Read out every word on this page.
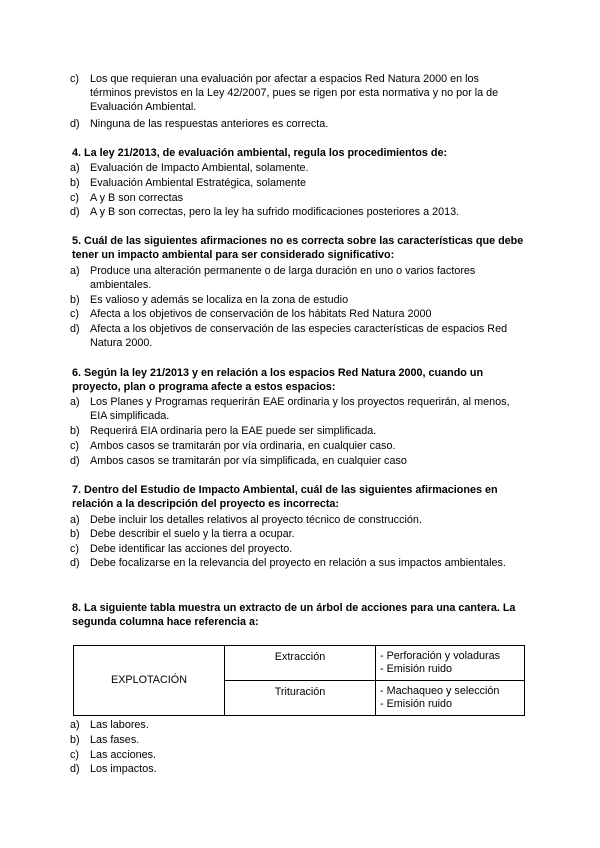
c) Los que requieran una evaluación por afectar a espacios Red Natura 2000 en los términos previstos en la Ley 42/2007, pues se rigen por esta normativa y no por la de Evaluación Ambiental.
d) Ninguna de las respuestas anteriores es correcta.
4. La ley 21/2013, de evaluación ambiental, regula los procedimientos de:
a) Evaluación de Impacto Ambiental, solamente.
b) Evaluación Ambiental Estratégica, solamente
c) A y B son correctas
d) A y B son correctas, pero la ley ha sufrido modificaciones posteriores a 2013.
5. Cuál de las siguientes afirmaciones no es correcta sobre las características que debe tener un impacto ambiental para ser considerado significativo:
a) Produce una alteración permanente o de larga duración en uno o varios factores ambientales.
b) Es valioso y además se localiza en la zona de estudio
c) Afecta a los objetivos de conservación de los hábitats Red Natura 2000
d) Afecta a los objetivos de conservación de las especies características de espacios Red Natura 2000.
6. Según la ley 21/2013 y en relación a los espacios Red Natura 2000, cuando un proyecto, plan o programa afecte a estos espacios:
a) Los Planes y Programas requerirán EAE ordinaria y los proyectos requerirán, al menos, EIA simplificada.
b) Requerirá EIA ordinaria pero la EAE puede ser simplificada.
c) Ambos casos se tramitarán por vía ordinaria, en cualquier caso.
d) Ambos casos se tramitarán por vía simplificada, en cualquier caso
7. Dentro del Estudio de Impacto Ambiental, cuál de las siguientes afirmaciones en relación a la descripción del proyecto es incorrecta:
a) Debe incluir los detalles relativos al proyecto técnico de construcción.
b) Debe describir el suelo y la tierra a ocupar.
c) Debe identificar las acciones del proyecto.
d) Debe focalizarse en la relevancia del proyecto en relación a sus impactos ambientales.
8. La siguiente tabla muestra un extracto de un árbol de acciones para una cantera. La segunda columna hace referencia a:
EXPLOTACIÓN	Extracción	- Perforación y voladuras
- Emisión ruido

	Trituración	- Machaqueo y selección
- Emisión ruido
a) Las labores.
b) Las fases.
c) Las acciones.
d) Los impactos.
